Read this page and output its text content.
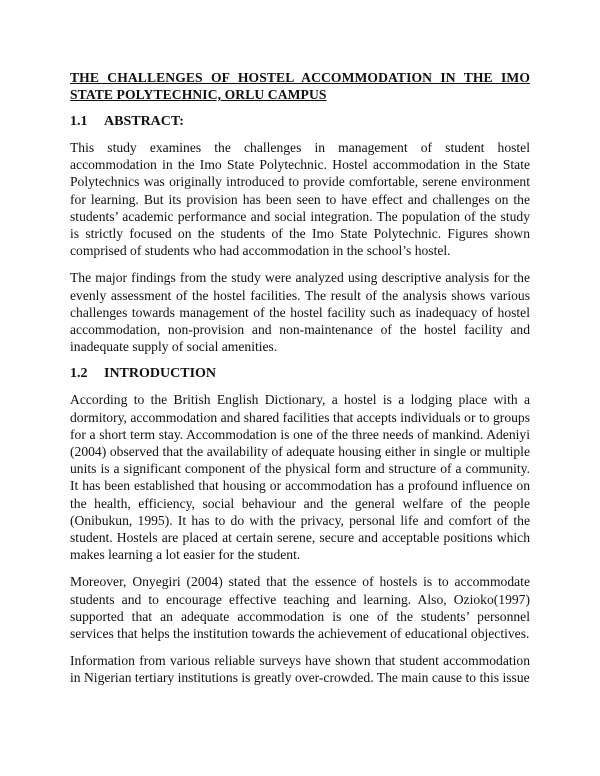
THE CHALLENGES OF HOSTEL ACCOMMODATION IN THE IMO STATE POLYTECHNIC, ORLU CAMPUS
1.1	ABSTRACT:

This study examines the challenges in management of student hostel accommodation in the Imo State Polytechnic. Hostel accommodation in the State Polytechnics was originally introduced to provide comfortable, serene environment for learning. But its provision has been seen to have effect and challenges on the students’ academic performance and social integration. The population of the study is strictly focused on the students of the Imo State Polytechnic. Figures shown comprised of students who had accommodation in the school’s hostel.

The major findings from the study were analyzed using descriptive analysis for the evenly assessment of the hostel facilities. The result of the analysis shows various challenges towards management of the hostel facility such as inadequacy of hostel accommodation, non-provision and non-maintenance of the hostel facility and inadequate supply of social amenities.

1.2	INTRODUCTION

According to the British English Dictionary, a hostel is a lodging place with a dormitory, accommodation and shared facilities that accepts individuals or to groups for a short term stay. Accommodation is one of the three needs of mankind. Adeniyi (2004) observed that the availability of adequate housing either in single or multiple units is a significant component of the physical form and structure of a community. It has been established that housing or accommodation has a profound influence on the health, efficiency, social behaviour and the general welfare of the people (Onibukun, 1995). It has to do with the privacy, personal life and comfort of the student. Hostels are placed at certain serene, secure and acceptable positions which makes learning a lot easier for the student.

Moreover, Onyegiri (2004) stated that the essence of hostels is to accommodate students and to encourage effective teaching and learning. Also, Ozioko(1997) supported that an adequate accommodation is one of the students’ personnel services that helps the institution towards the achievement of educational objectives.

Information from various reliable surveys have shown that student accommodation in Nigerian tertiary institutions is greatly over-crowded. The main cause to this issue
